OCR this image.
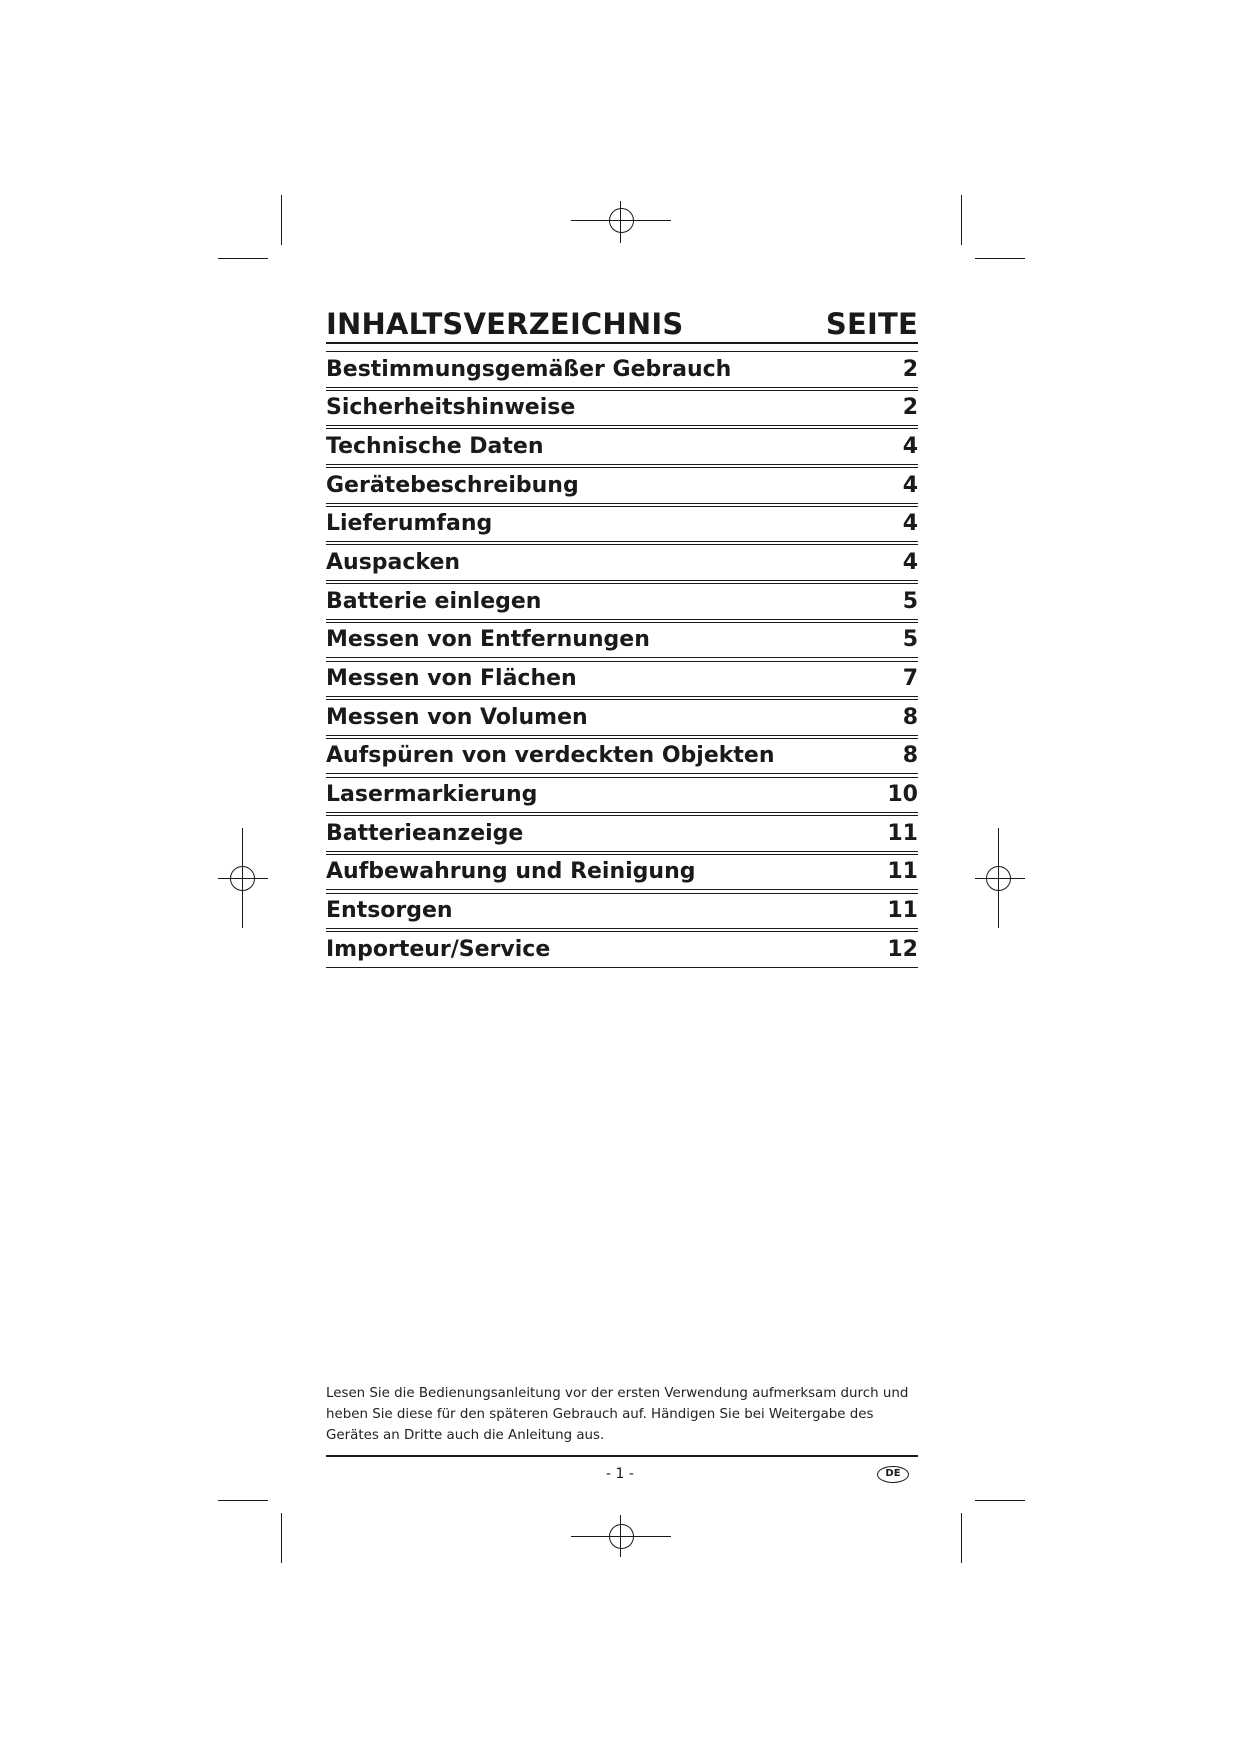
INHALTSVERZEICHNIS	SEITE
Bestimmungsgemäßer Gebrauch	2
Sicherheitshinweise	2
Technische Daten	4
Gerätebeschreibung	4
Lieferumfang	4
Auspacken	4
Batterie einlegen	5
Messen von Entfernungen	5
Messen von Flächen	7
Messen von Volumen	8
Aufspüren von verdeckten Objekten	8
Lasermarkierung	10
Batterieanzeige	11
Aufbewahrung und Reinigung	11
Entsorgen	11
Importeur/Service	12
Lesen Sie die Bedienungsanleitung vor der ersten Verwendung aufmerksam durch und
heben Sie diese für den späteren Gebrauch auf. Händigen Sie bei Weitergabe des
Gerätes an Dritte auch die Anleitung aus.
- 1 -	DE
